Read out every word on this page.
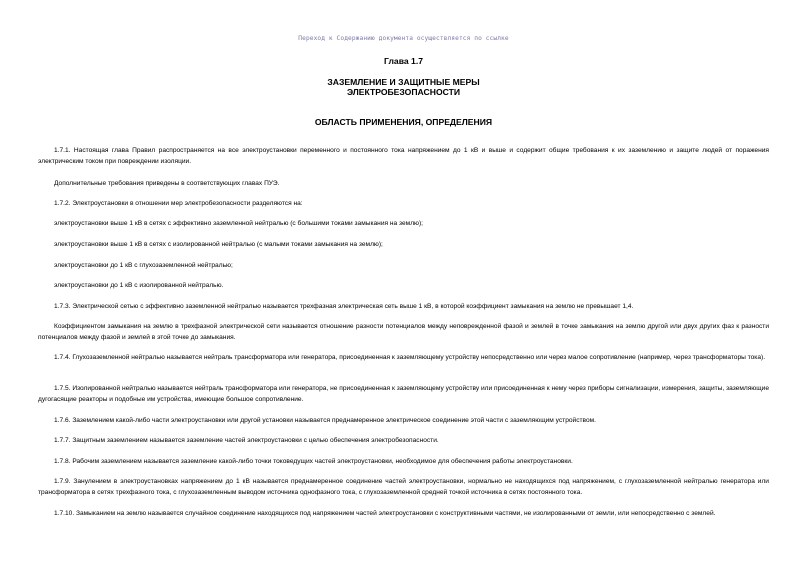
Переход к Содержанию документа осуществляется по ссылке
Глава 1.7
ЗАЗЕМЛЕНИЕ И ЗАЩИТНЫЕ МЕРЫ
ЭЛЕКТРОБЕЗОПАСНОСТИ
ОБЛАСТЬ ПРИМЕНЕНИЯ, ОПРЕДЕЛЕНИЯ
1.7.1. Настоящая глава Правил распространяется на все электроустановки переменного и постоянного тока напряжением до 1 кВ и выше и содержит общие требования к их заземлению и защите людей от поражения электрическим током при повреждении изоляции.
Дополнительные требования приведены в соответствующих главах ПУЭ.
1.7.2. Электроустановки в отношении мер электробезопасности разделяются на:
электроустановки выше 1 кВ в сетях с эффективно заземленной нейтралью (с большими токами замыкания на землю);
электроустановки выше 1 кВ в сетях с изолированной нейтралью (с малыми токами замыкания на землю);
электроустановки до 1 кВ с глухозаземленной нейтралью;
электроустановки до 1 кВ с изолированной нейтралью.
1.7.3. Электрической сетью с эффективно заземленной нейтралью называется трехфазная электрическая сеть выше 1 кВ, в которой коэффициент замыкания на землю не превышает 1,4.
Коэффициентом замыкания на землю в трехфазной электрической сети называется отношение разности потенциалов между неповрежденной фазой и землей в точке замыкания на землю другой или двух других фаз к разности потенциалов между фазой и землей в этой точке до замыкания.
1.7.4. Глухозаземленной нейтралью называется нейтраль трансформатора или генератора, присоединенная к заземляющему устройству непосредственно или через малое сопротивление (например, через трансформаторы тока).
1.7.5. Изолированной нейтралью называется нейтраль трансформатора или генератора, не присоединенная к заземляющему устройству или присоединенная к нему через приборы сигнализации, измерения, защиты, заземляющие дугогасящие реакторы и подобные им устройства, имеющие большое сопротивление.
1.7.6. Заземлением какой-либо части электроустановки или другой установки называется преднамеренное электрическое соединение этой части с заземляющим устройством.
1.7.7. Защитным заземлением называется заземление частей электроустановки с целью обеспечения электробезопасности.
1.7.8. Рабочим заземлением называется заземление какой-либо точки токоведущих частей электроустановки, необходимое для обеспечения работы электроустановки.
1.7.9. Занулением в электроустановках напряжением до 1 кВ называется преднамеренное соединение частей электроустановки, нормально не находящихся под напряжением, с глухозаземленной нейтралью генератора или трансформатора в сетях трехфазного тока, с глухозаземленным выводом источника однофазного тока, с глухозаземленной средней точкой источника в сетях постоянного тока.
1.7.10. Замыканием на землю называется случайное соединение находящихся под напряжением частей электроустановки с конструктивными частями, не изолированными от земли, или непосредственно с землей.
